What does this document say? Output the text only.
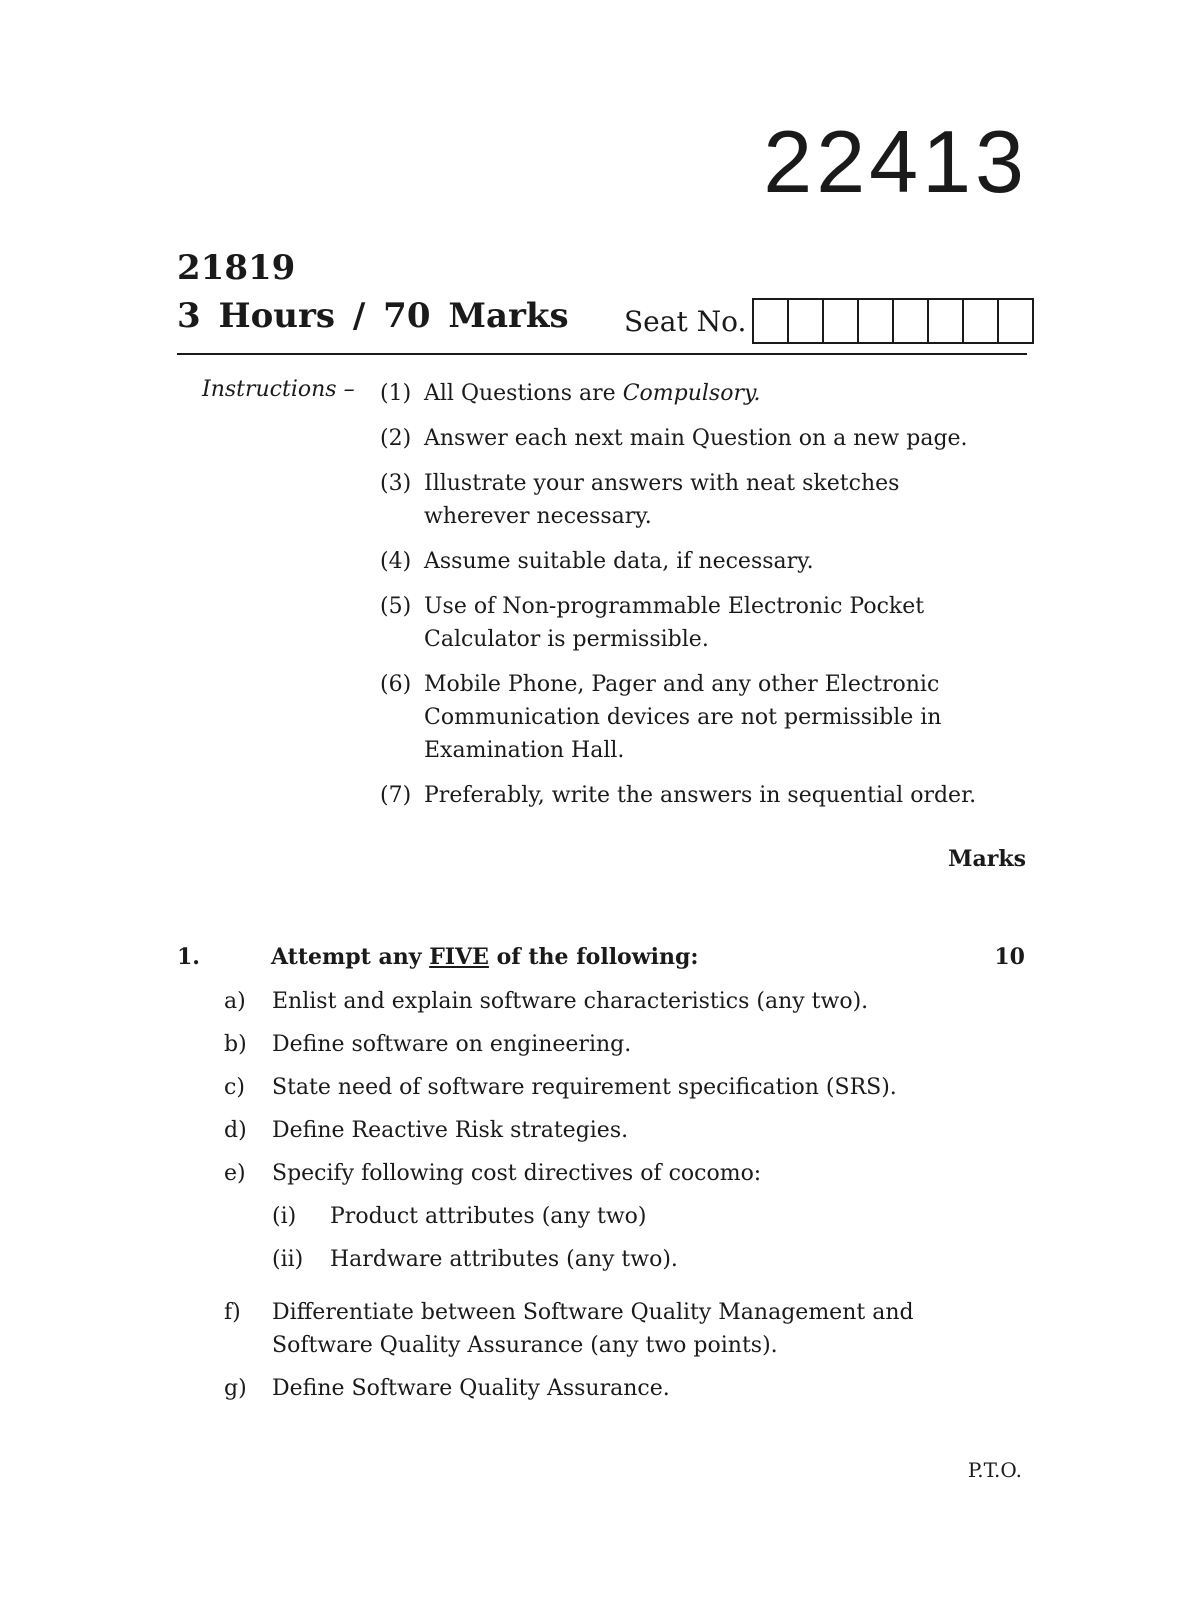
22413
21819
3 Hours / 70 Marks Seat No.
Instructions – (1) All Questions are Compulsory.
(2) Answer each next main Question on a new page.
(3) Illustrate your answers with neat sketches wherever necessary.
(4) Assume suitable data, if necessary.
(5) Use of Non-programmable Electronic Pocket Calculator is permissible.
(6) Mobile Phone, Pager and any other Electronic Communication devices are not permissible in Examination Hall.
(7) Preferably, write the answers in sequential order.
Marks
1.	Attempt any FIVE of the following:	10
a)	Enlist and explain software characteristics (any two).
b)	Define software on engineering.
c)	State need of software requirement specification (SRS).
d)	Define Reactive Risk strategies.
e)	Specify following cost directives of cocomo:
(i)	Product attributes (any two)
(ii)	Hardware attributes (any two).
f)	Differentiate between Software Quality Management and Software Quality Assurance (any two points).
g)	Define Software Quality Assurance.
P.T.O.
